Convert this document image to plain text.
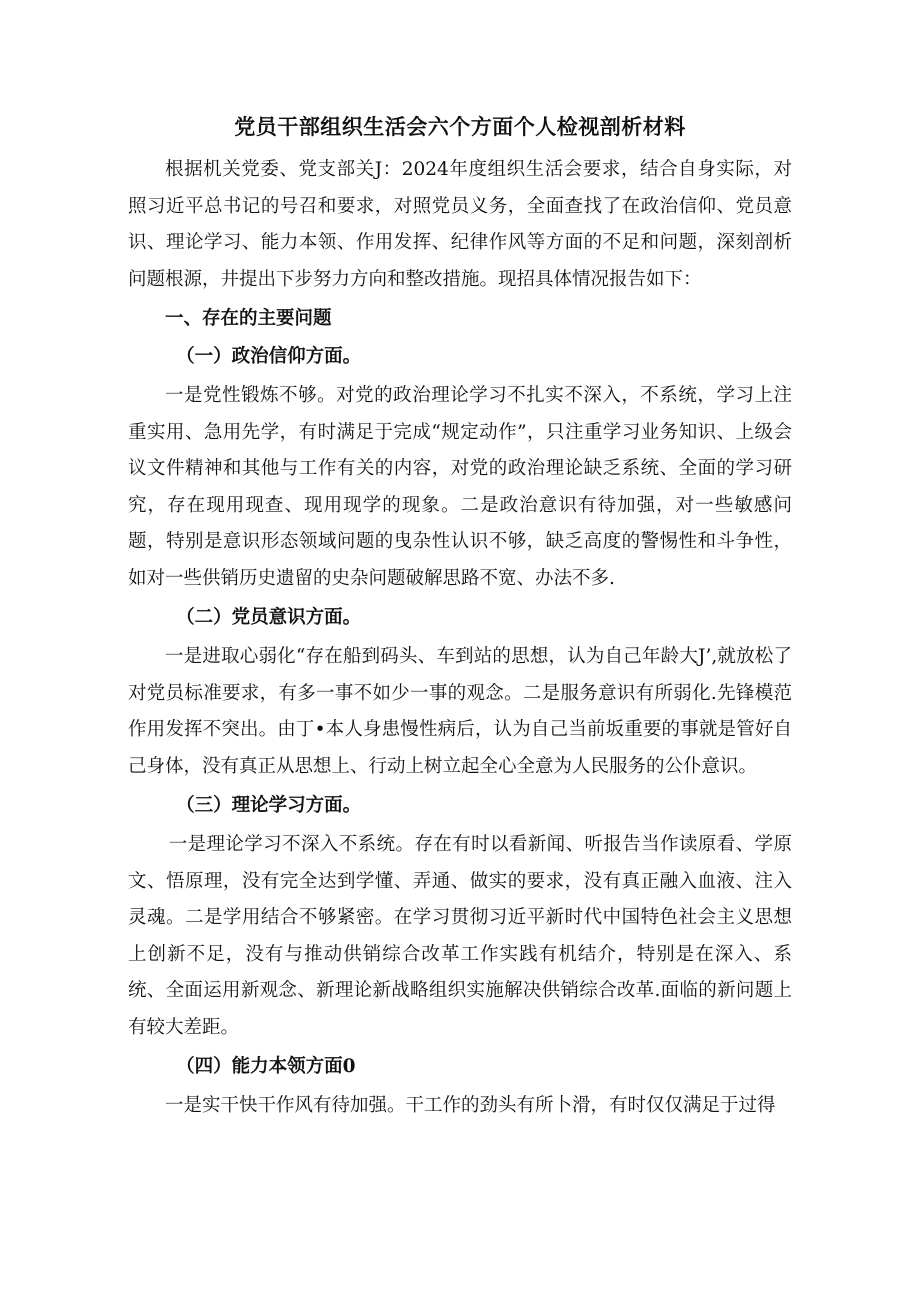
党员干部组织生活会六个方面个人检视剖析材料

根据机关党委、党支部关J：2024年度组织生活会要求，结合自身实际，对照习近平总书记的号召和要求，对照党员义务，全面查找了在政治信仰、党员意识、理论学习、能力本领、作用发挥、纪律作风等方面的不足和问题，深刻剖析问题根源，井提出下步努力方向和整改措施。现招具体情况报告如下：

一、存在的主要问题
（一）政治信仰方面。

一是党性锻炼不够。对党的政治理论学习不扎实不深入，不系统，学习上注重实用、急用先学，有时满足于完成“规定动作”，只注重学习业务知识、上级会议文件精神和其他与工作有关的内容，对党的政治理论缺乏系统、全面的学习研究，存在现用现查、现用现学的现象。二是政治意识有待加强，对一些敏感问题，特别是意识形态领域问题的曳杂性认识不够，缺乏高度的警惕性和斗争性，如对一些供销历史遗留的史杂问题破解思路不宽、办法不多.

（二）党员意识方面。

一是进取心弱化“存在船到码头、车到站的思想，认为自己年龄大J’,就放松了对党员标准要求，有多一事不如少一事的观念。二是服务意识有所弱化.先锋模范作用发挥不突出。由丁•本人身患慢性病后，认为自己当前坂重要的事就是管好自己身体，没有真正从思想上、行动上树立起全心全意为人民服务的公仆意识。

（三）理论学习方面。

一是理论学习不深入不系统。存在有时以看新闻、听报告当作读原看、学原文、悟原理，没有完全达到学懂、弄通、做实的要求，没有真正融入血液、注入灵魂。二是学用结合不够紧密。在学习贯彻习近平新时代中国特色社会主义思想上创新不足，没有与推动供销综合改革工作实践有机结介，特别是在深入、系统、全面运用新观念、新理论新战略组织实施解决供销综合改革.面临的新问题上有较大差距。

（四）能力本领方面0

一是实干快干作风有待加强。干工作的劲头有所卜滑，有时仅仅满足于过得
